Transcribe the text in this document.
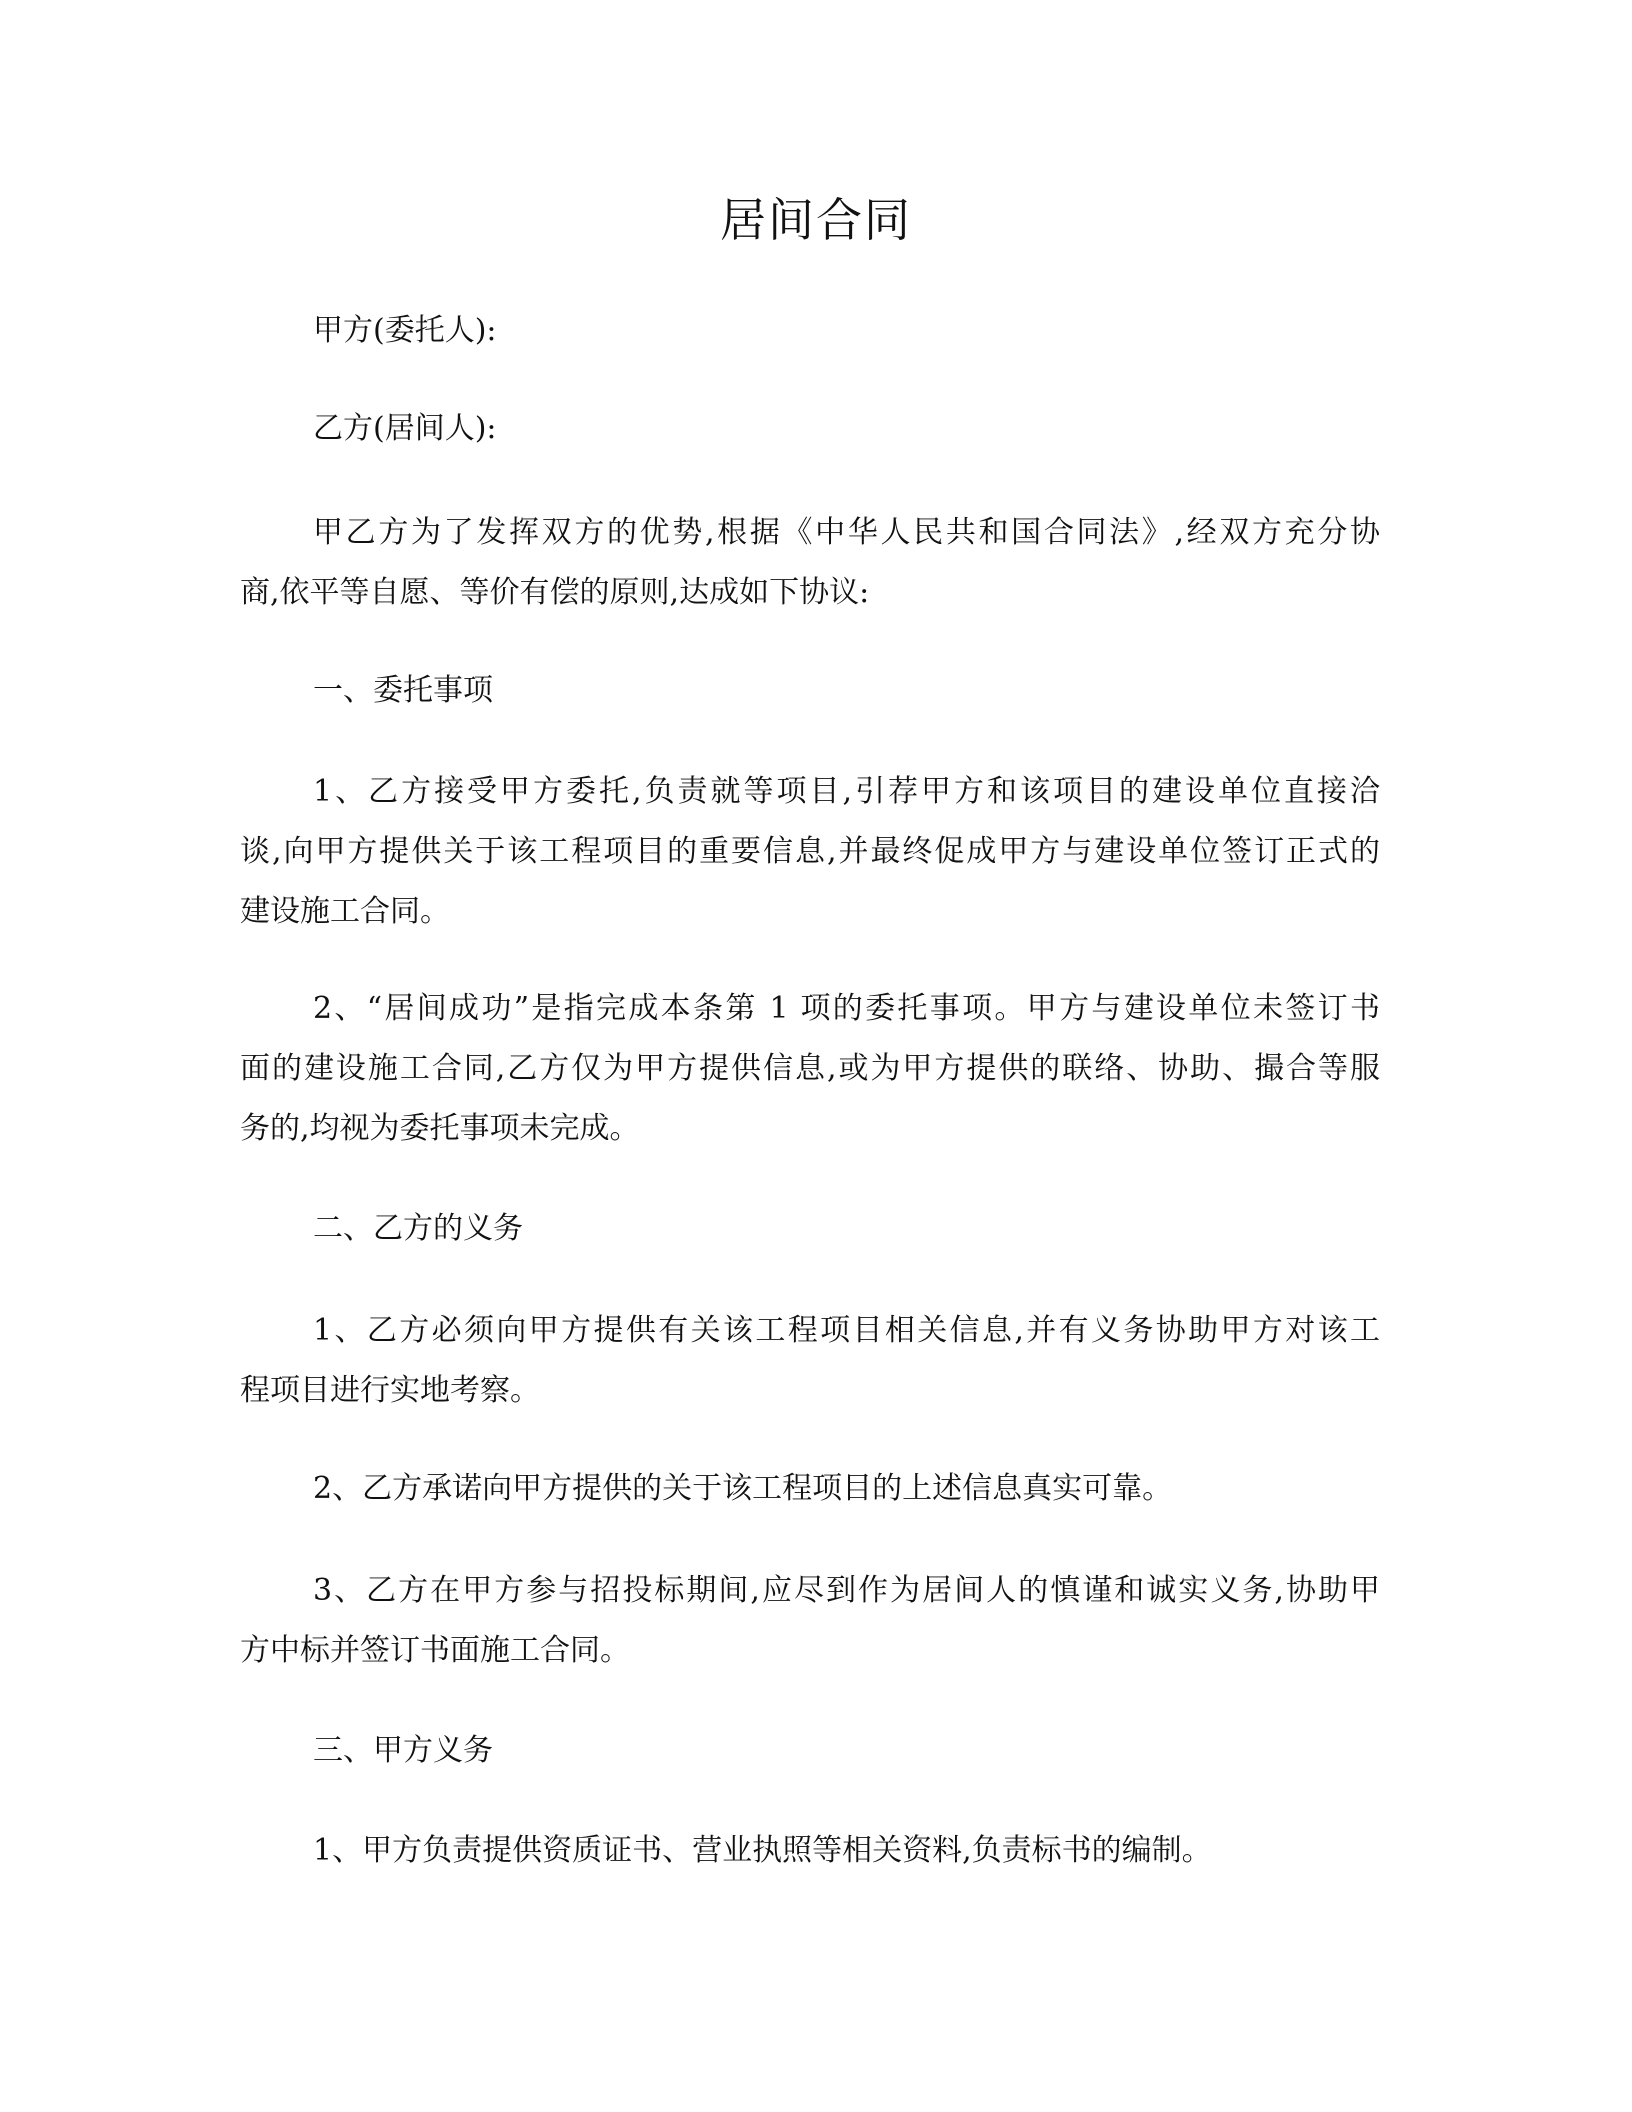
居间合同
甲方(委托人):
乙方(居间人):
甲乙方为了发挥双方的优势,根据《中华人民共和国合同法》,经双方充分协
商,依平等自愿、等价有偿的原则,达成如下协议:
一、委托事项
1、乙方接受甲方委托,负责就等项目,引荐甲方和该项目的建设单位直接洽
谈,向甲方提供关于该工程项目的重要信息,并最终促成甲方与建设单位签订正式的
建设施工合同。
2、“居间成功”是指完成本条第 1 项的委托事项。甲方与建设单位未签订书
面的建设施工合同,乙方仅为甲方提供信息,或为甲方提供的联络、协助、撮合等服
务的,均视为委托事项未完成。
二、乙方的义务
1、乙方必须向甲方提供有关该工程项目相关信息,并有义务协助甲方对该工
程项目进行实地考察。
2、乙方承诺向甲方提供的关于该工程项目的上述信息真实可靠。
3、乙方在甲方参与招投标期间,应尽到作为居间人的慎谨和诚实义务,协助甲
方中标并签订书面施工合同。
三、甲方义务
1、甲方负责提供资质证书、营业执照等相关资料,负责标书的编制。
